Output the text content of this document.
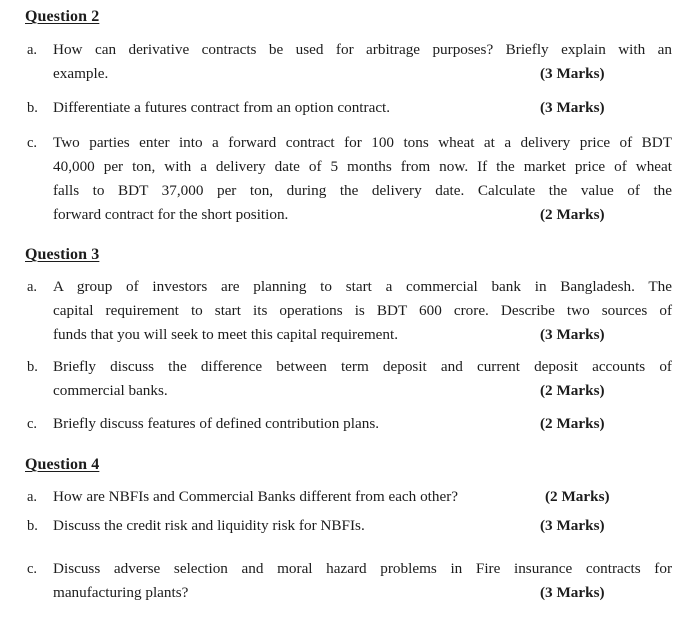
Question 2
a. How can derivative contracts be used for arbitrage purposes? Briefly explain with an
example.	(3 Marks)
b. Differentiate a futures contract from an option contract.	(3 Marks)
c. Two parties enter into a forward contract for 100 tons wheat at a delivery price of BDT
40,000 per ton, with a delivery date of 5 months from now. If the market price of wheat
falls to BDT 37,000 per ton, during the delivery date. Calculate the value of the
forward contract for the short position.	(2 Marks)
Question 3
a. A group of investors are planning to start a commercial bank in Bangladesh. The
capital requirement to start its operations is BDT 600 crore. Describe two sources of
funds that you will seek to meet this capital requirement.	(3 Marks)
b. Briefly discuss the difference between term deposit and current deposit accounts of
commercial banks.	(2 Marks)
c. Briefly discuss features of defined contribution plans.	(2 Marks)
Question 4
a. How are NBFIs and Commercial Banks different from each other?	(2 Marks)
b. Discuss the credit risk and liquidity risk for NBFIs.	(3 Marks)
c. Discuss adverse selection and moral hazard problems in Fire insurance contracts for
manufacturing plants?	(3 Marks)
